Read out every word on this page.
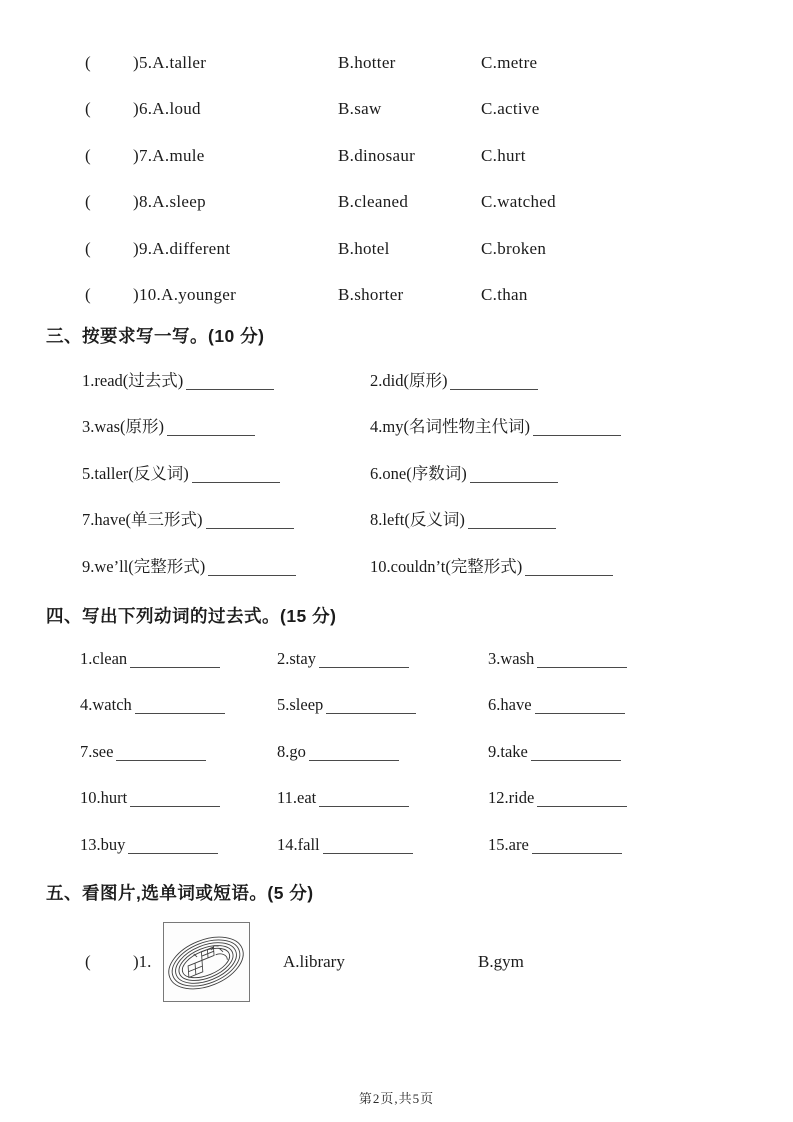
( )5.A.taller	B.hotter	C.metre
( )6.A.loud	B.saw	C.active
( )7.A.mule	B.dinosaur	C.hurt
( )8.A.sleep	B.cleaned	C.watched
( )9.A.different	B.hotel	C.broken
( )10.A.younger	B.shorter	C.than
三、按要求写一写。(10 分)
1.read(过去式)	2.did(原形)
3.was(原形)	4.my(名词性物主代词)
5.taller(反义词)	6.one(序数词)
7.have(单三形式)	8.left(反义词)
9.we’ll(完整形式)	10.couldn’t(完整形式)
四、写出下列动词的过去式。(15 分)
1.clean	2.stay	3.wash
4.watch	5.sleep	6.have
7.see	8.go	9.take
10.hurt	11.eat	12.ride
13.buy	14.fall	15.are
五、看图片,选单词或短语。(5 分)
( )1.	A.library	B.gym
第2页,共5页
